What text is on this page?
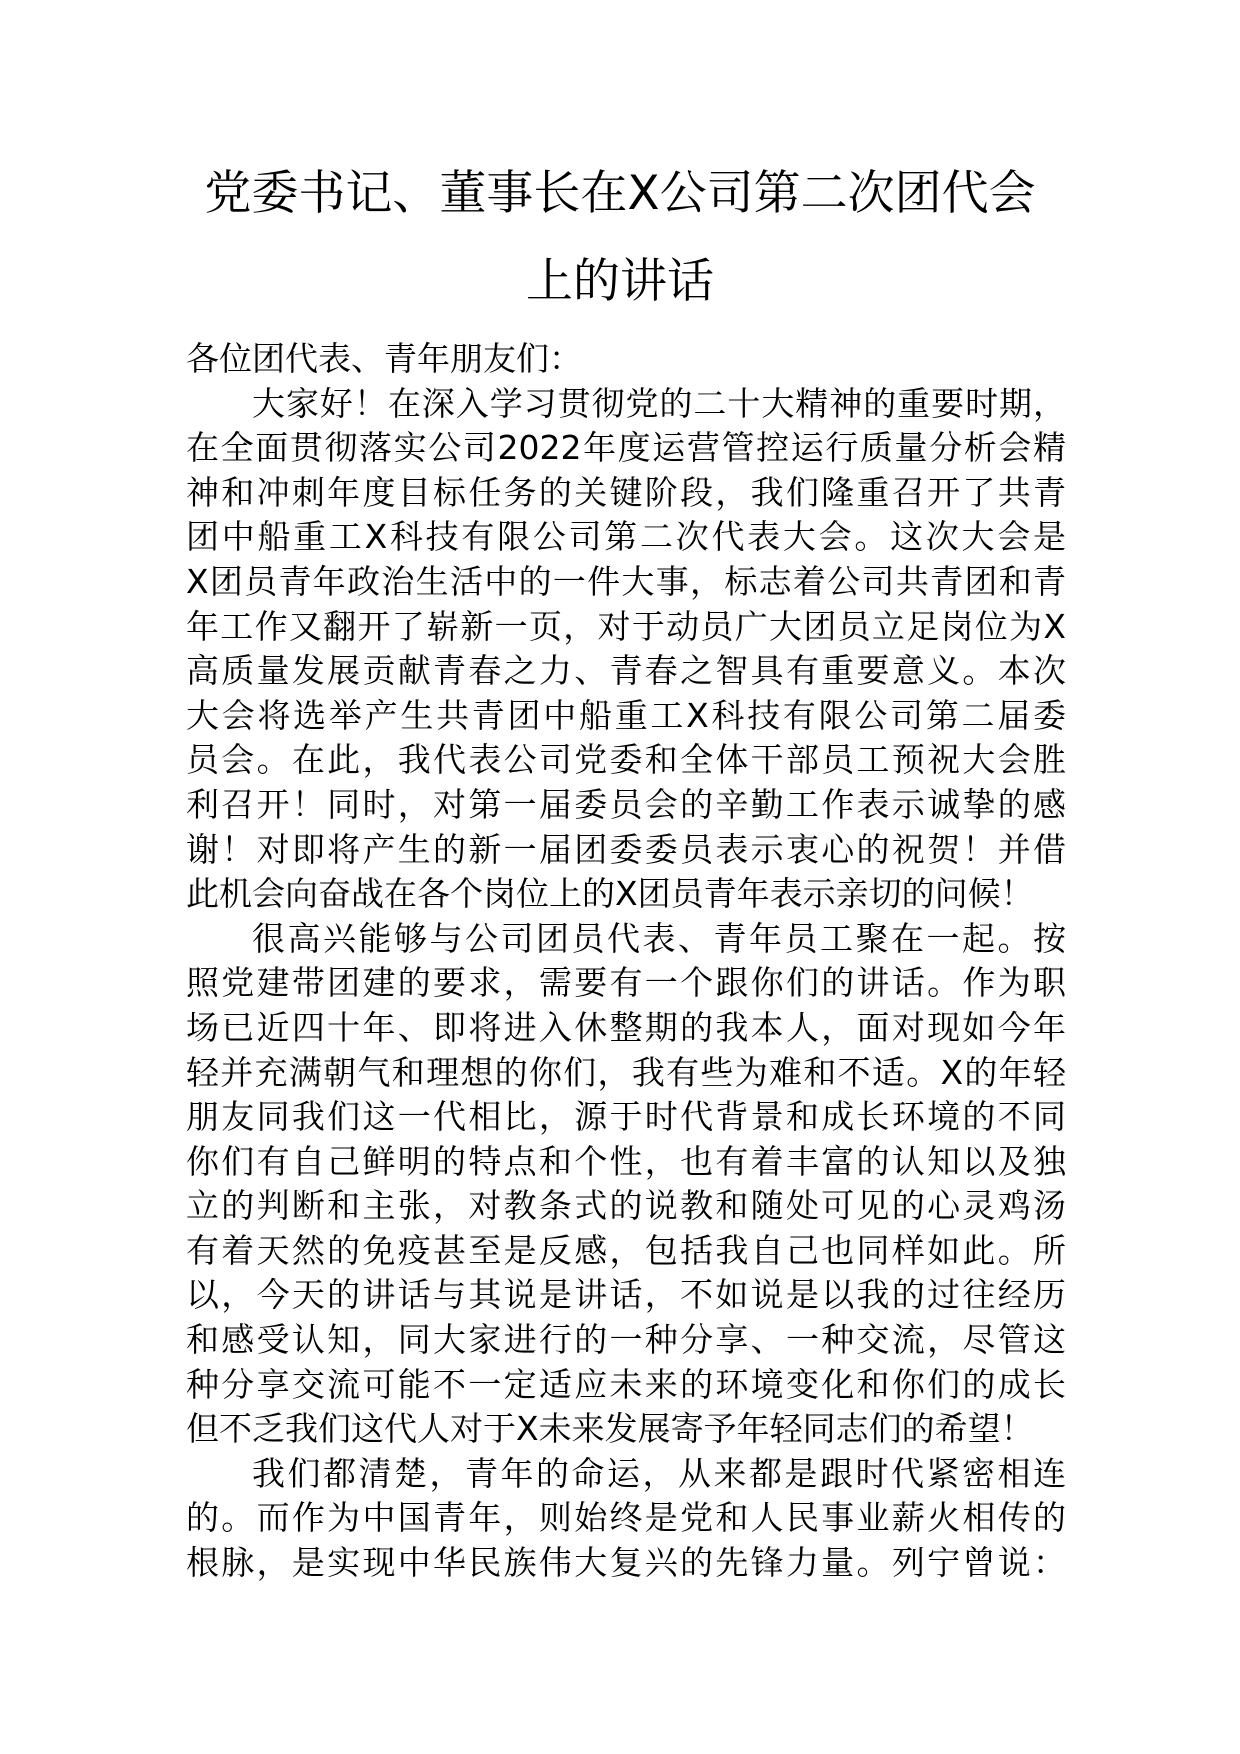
党委书记、董事长在X公司第二次团代会
上的讲话
各位团代表、青年朋友们：
大家好！在深入学习贯彻党的二十大精神的重要时期，
在全面贯彻落实公司2022年度运营管控运行质量分析会精
神和冲刺年度目标任务的关键阶段，我们隆重召开了共青
团中船重工X科技有限公司第二次代表大会。这次大会是
X团员青年政治生活中的一件大事，标志着公司共青团和青
年工作又翻开了崭新一页，对于动员广大团员立足岗位为X
高质量发展贡献青春之力、青春之智具有重要意义。本次
大会将选举产生共青团中船重工X科技有限公司第二届委
员会。在此，我代表公司党委和全体干部员工预祝大会胜
利召开！同时，对第一届委员会的辛勤工作表示诚挚的感
谢！对即将产生的新一届团委委员表示衷心的祝贺！并借
此机会向奋战在各个岗位上的X团员青年表示亲切的问候！
很高兴能够与公司团员代表、青年员工聚在一起。按
照党建带团建的要求，需要有一个跟你们的讲话。作为职
场已近四十年、即将进入休整期的我本人，面对现如今年
轻并充满朝气和理想的你们，我有些为难和不适。X的年轻
朋友同我们这一代相比，源于时代背景和成长环境的不同
你们有自己鲜明的特点和个性，也有着丰富的认知以及独
立的判断和主张，对教条式的说教和随处可见的心灵鸡汤
有着天然的免疫甚至是反感，包括我自己也同样如此。所
以，今天的讲话与其说是讲话，不如说是以我的过往经历
和感受认知，同大家进行的一种分享、一种交流，尽管这
种分享交流可能不一定适应未来的环境变化和你们的成长
但不乏我们这代人对于X未来发展寄予年轻同志们的希望！
我们都清楚，青年的命运，从来都是跟时代紧密相连
的。而作为中国青年，则始终是党和人民事业薪火相传的
根脉，是实现中华民族伟大复兴的先锋力量。列宁曾说：
